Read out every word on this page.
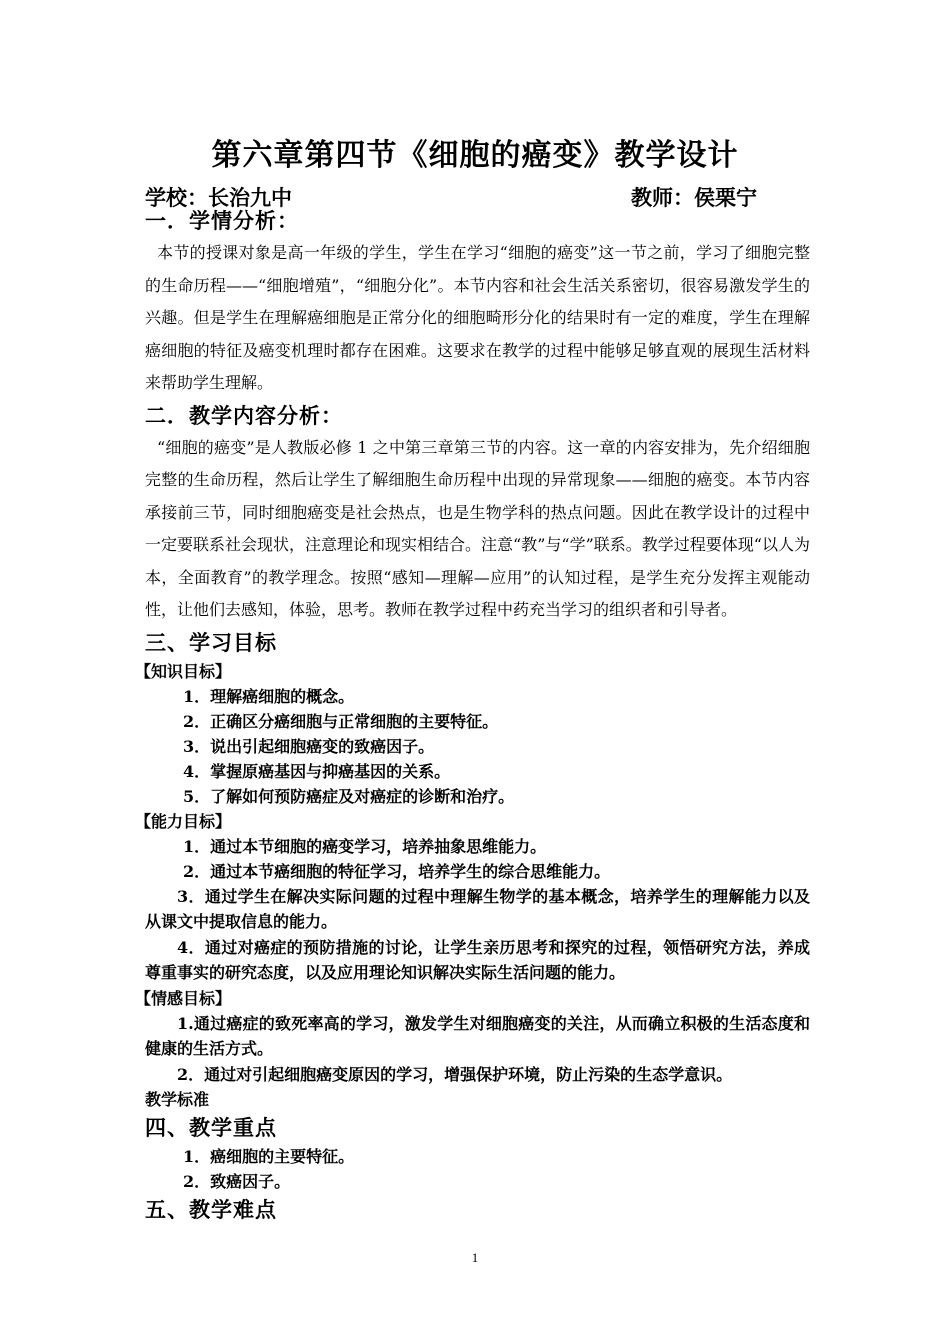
第六章第四节《细胞的癌变》教学设计
学校：长治九中	教师：侯栗宁
一．学情分析：

本节的授课对象是高一年级的学生，学生在学习“细胞的癌变”这一节之前，学习了细胞完整的生命历程——“细胞增殖”，“细胞分化”。本节内容和社会生活关系密切，很容易激发学生的兴趣。但是学生在理解癌细胞是正常分化的细胞畸形分化的结果时有一定的难度，学生在理解癌细胞的特征及癌变机理时都存在困难。这要求在教学的过程中能够足够直观的展现生活材料来帮助学生理解。

二．教学内容分析：

“细胞的癌变”是人教版必修 1 之中第三章第三节的内容。这一章的内容安排为，先介绍细胞完整的生命历程，然后让学生了解细胞生命历程中出现的异常现象——细胞的癌变。本节内容承接前三节，同时细胞癌变是社会热点，也是生物学科的热点问题。因此在教学设计的过程中一定要联系社会现状，注意理论和现实相结合。注意“教”与“学”联系。教学过程要体现“以人为本，全面教育”的教学理念。按照“感知—理解—应用”的认知过程，是学生充分发挥主观能动性，让他们去感知，体验，思考。教师在教学过程中药充当学习的组织者和引导者。

三、学习目标
【知识目标】
1．理解癌细胞的概念。
2．正确区分癌细胞与正常细胞的主要特征。
3．说出引起细胞癌变的致癌因子。
4．掌握原癌基因与抑癌基因的关系。
5．了解如何预防癌症及对癌症的诊断和治疗。
【能力目标】
1．通过本节细胞的癌变学习，培养抽象思维能力。
2．通过本节癌细胞的特征学习，培养学生的综合思维能力。
3．通过学生在解决实际问题的过程中理解生物学的基本概念，培养学生的理解能力以及从课文中提取信息的能力。
4．通过对癌症的预防措施的讨论，让学生亲历思考和探究的过程，领悟研究方法，养成尊重事实的研究态度，以及应用理论知识解决实际生活问题的能力。
【情感目标】
1.通过癌症的致死率高的学习，激发学生对细胞癌变的关注，从而确立积极的生活态度和健康的生活方式。
2．通过对引起细胞癌变原因的学习，增强保护环境，防止污染的生态学意识。
教学标准
四、教学重点
1．癌细胞的主要特征。
2．致癌因子。
五、教学难点
1
